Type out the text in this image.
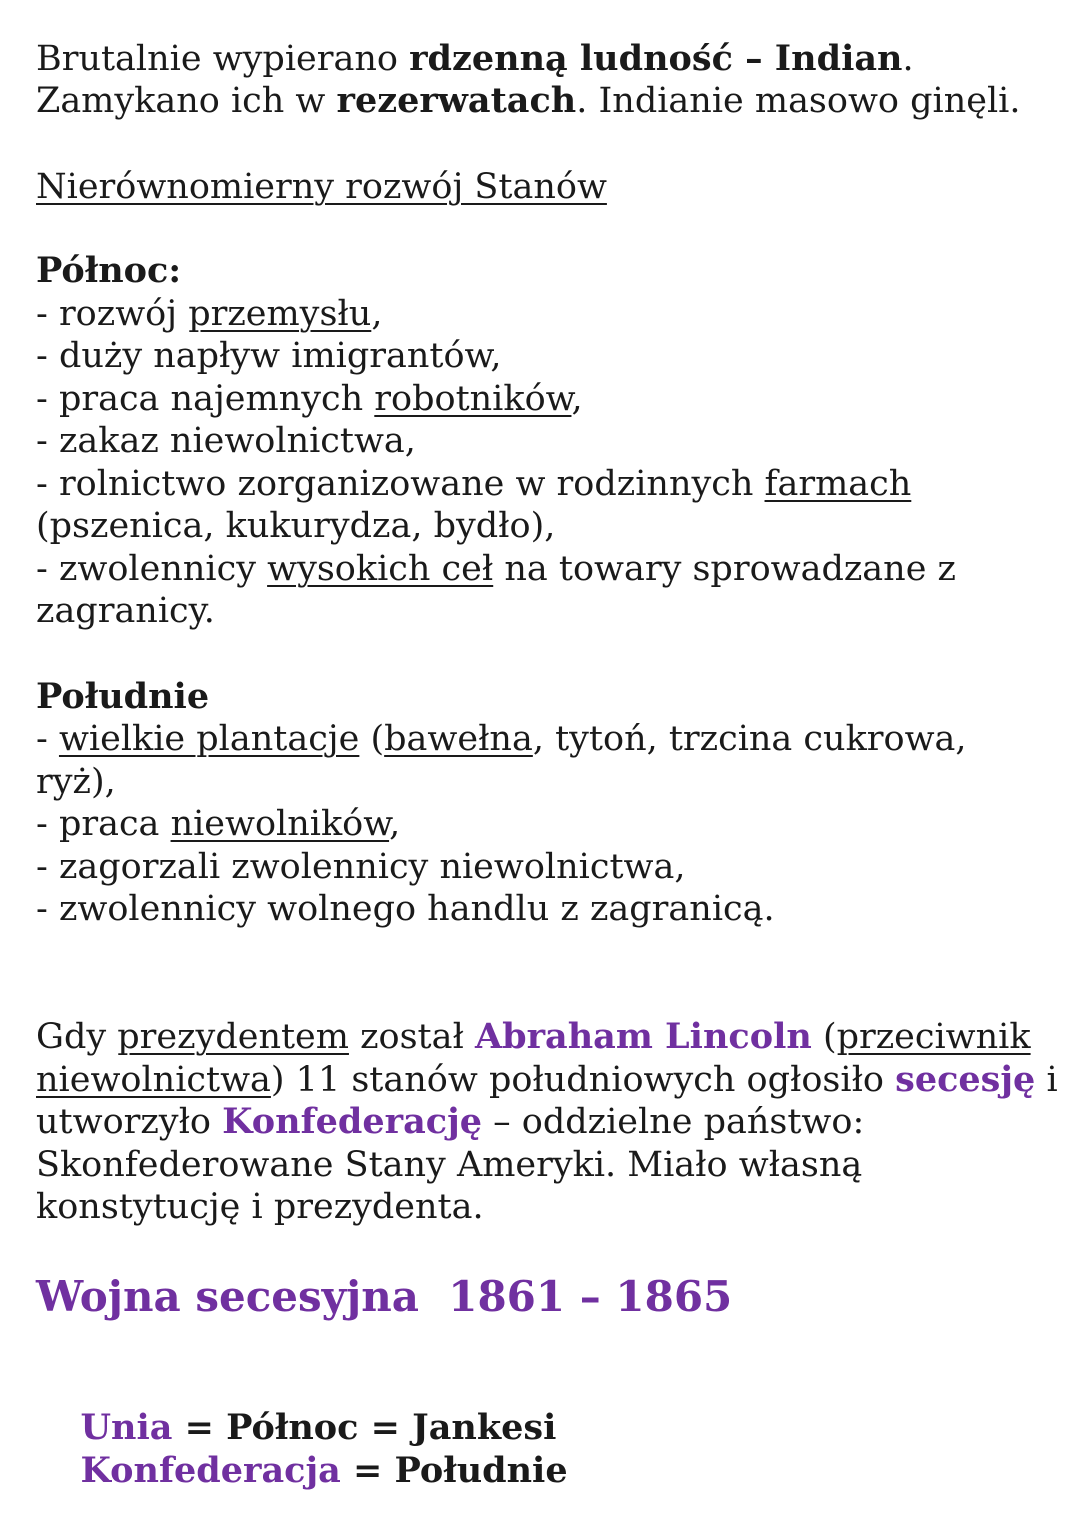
Brutalnie wypierano rdzenną ludność – Indian.
Zamykano ich w rezerwatach. Indianie masowo ginęli.
Nierównomierny rozwój Stanów
Północ:
- rozwój przemysłu,
- duży napływ imigrantów,
- praca najemnych robotników,
- zakaz niewolnictwa,
- rolnictwo zorganizowane w rodzinnych farmach
(pszenica, kukurydza, bydło),
- zwolennicy wysokich ceł na towary sprowadzane z
zagranicy.
Południe
- wielkie plantacje (bawełna, tytoń, trzcina cukrowa,
ryż),
- praca niewolników,
- zagorzali zwolennicy niewolnictwa,
- zwolennicy wolnego handlu z zagranicą.
Gdy prezydentem został Abraham Lincoln (przeciwnik
niewolnictwa) 11 stanów południowych ogłosiło secesję i
utworzyło Konfederację – oddzielne państwo:
Skonfederowane Stany Ameryki. Miało własną
konstytucję i prezydenta.
Wojna secesyjna  1861 – 1865

Unia = Północ = Jankesi

Konfederacja = Południe
